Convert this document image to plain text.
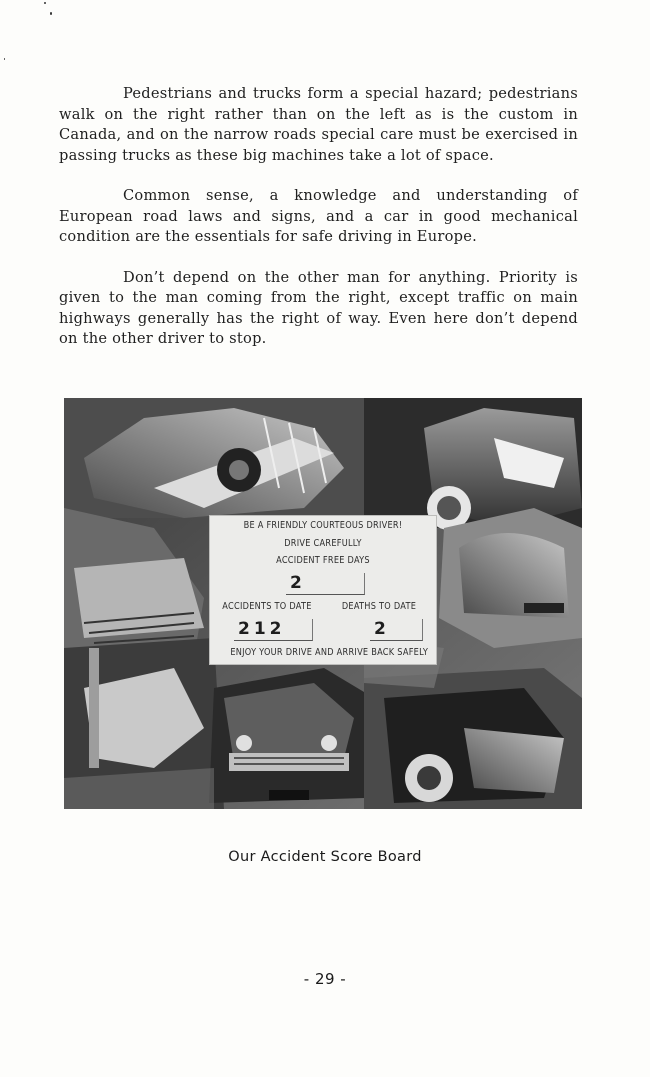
Pedestrians and trucks form a special hazard; pedestrians walk on the right rather than on the left as is the custom in Canada, and on the narrow roads special care must be exercised in passing trucks as these big machines take a lot of space.

Common sense, a knowledge and understanding of European road laws and signs, and a car in good mechanical condition are the essentials for safe driving in Europe.

Don’t depend on the other man for anything. Priority is given to the man coming from the right, except traffic on main highways generally has the right of way. Even here don’t depend on the other driver to stop.

BE A FRIENDLY COURTEOUS DRIVER!
DRIVE CAREFULLY
ACCIDENT FREE DAYS
2
ACCIDENTS TO DATE	DEATHS TO DATE
212	2
ENJOY YOUR DRIVE AND ARRIVE BACK SAFELY
Our Accident Score Board
- 29 -
